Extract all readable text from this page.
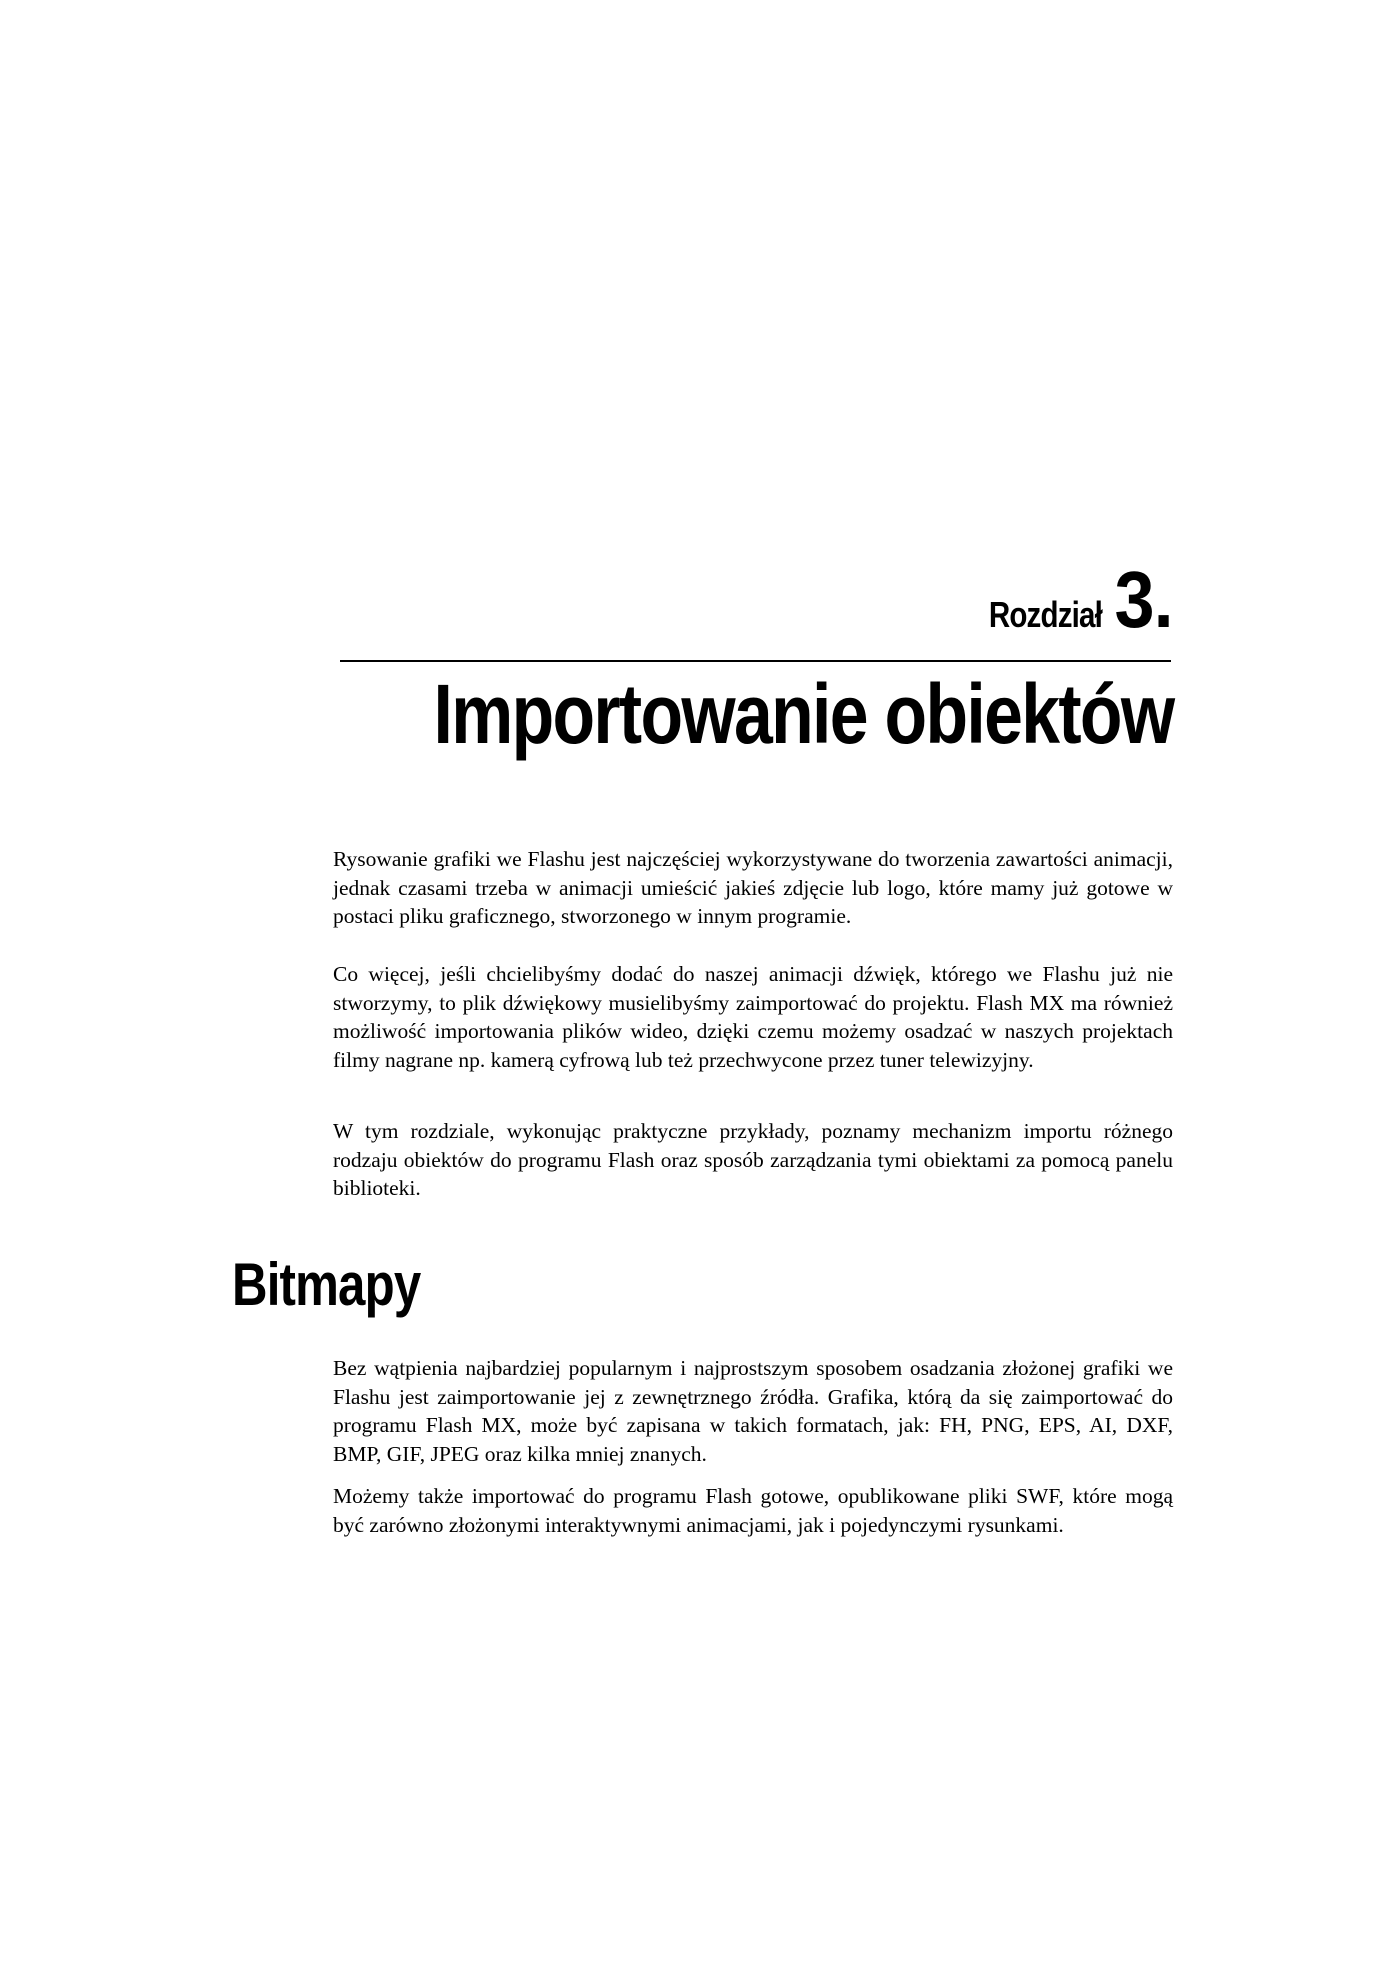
Rozdział 3.
Importowanie obiektów

Rysowanie grafiki we Flashu jest najczęściej wykorzystywane do tworzenia zawartości animacji, jednak czasami trzeba w animacji umieścić jakieś zdjęcie lub logo, które mamy już gotowe w postaci pliku graficznego, stworzonego w innym programie.

Co więcej, jeśli chcielibyśmy dodać do naszej animacji dźwięk, którego we Flashu już nie stworzymy, to plik dźwiękowy musielibyśmy zaimportować do projektu. Flash MX ma również możliwość importowania plików wideo, dzięki czemu możemy osadzać w naszych projektach filmy nagrane np. kamerą cyfrową lub też przechwycone przez tuner telewizyjny.

W tym rozdziale, wykonując praktyczne przykłady, poznamy mechanizm importu różnego rodzaju obiektów do programu Flash oraz sposób zarządzania tymi obiektami za pomocą panelu biblioteki.

Bitmapy

Bez wątpienia najbardziej popularnym i najprostszym sposobem osadzania złożonej grafiki we Flashu jest zaimportowanie jej z zewnętrznego źródła. Grafika, którą da się zaimportować do programu Flash MX, może być zapisana w takich formatach, jak: FH, PNG, EPS, AI, DXF, BMP, GIF, JPEG oraz kilka mniej znanych.

Możemy także importować do programu Flash gotowe, opublikowane pliki SWF, które mogą być zarówno złożonymi interaktywnymi animacjami, jak i pojedynczymi rysunkami.
